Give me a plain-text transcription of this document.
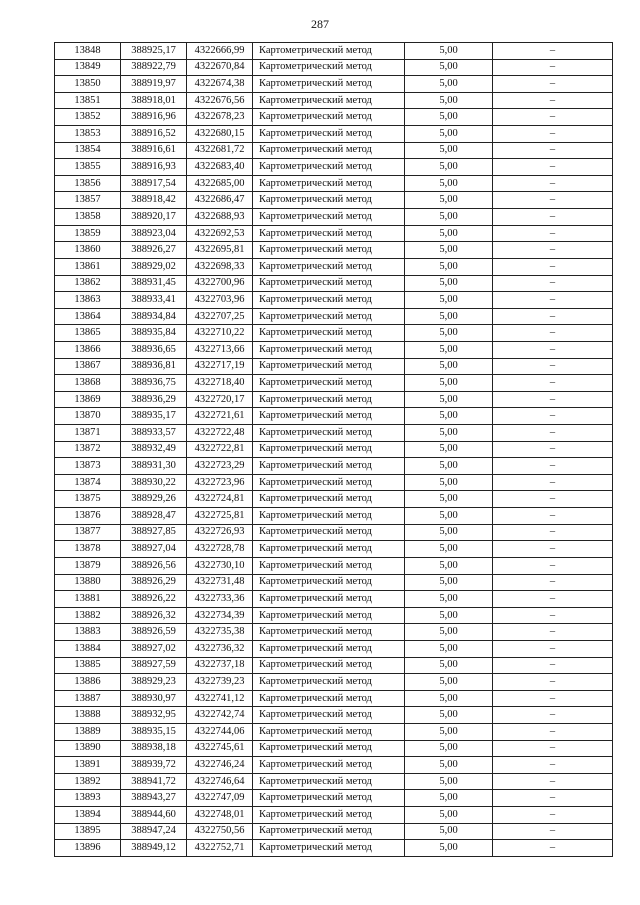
287
13848	388925,17	4322666,99	Картометрический метод	5,00	–
13849	388922,79	4322670,84	Картометрический метод	5,00	–
13850	388919,97	4322674,38	Картометрический метод	5,00	–
13851	388918,01	4322676,56	Картометрический метод	5,00	–
13852	388916,96	4322678,23	Картометрический метод	5,00	–
13853	388916,52	4322680,15	Картометрический метод	5,00	–
13854	388916,61	4322681,72	Картометрический метод	5,00	–
13855	388916,93	4322683,40	Картометрический метод	5,00	–
13856	388917,54	4322685,00	Картометрический метод	5,00	–
13857	388918,42	4322686,47	Картометрический метод	5,00	–
13858	388920,17	4322688,93	Картометрический метод	5,00	–
13859	388923,04	4322692,53	Картометрический метод	5,00	–
13860	388926,27	4322695,81	Картометрический метод	5,00	–
13861	388929,02	4322698,33	Картометрический метод	5,00	–
13862	388931,45	4322700,96	Картометрический метод	5,00	–
13863	388933,41	4322703,96	Картометрический метод	5,00	–
13864	388934,84	4322707,25	Картометрический метод	5,00	–
13865	388935,84	4322710,22	Картометрический метод	5,00	–
13866	388936,65	4322713,66	Картометрический метод	5,00	–
13867	388936,81	4322717,19	Картометрический метод	5,00	–
13868	388936,75	4322718,40	Картометрический метод	5,00	–
13869	388936,29	4322720,17	Картометрический метод	5,00	–
13870	388935,17	4322721,61	Картометрический метод	5,00	–
13871	388933,57	4322722,48	Картометрический метод	5,00	–
13872	388932,49	4322722,81	Картометрический метод	5,00	–
13873	388931,30	4322723,29	Картометрический метод	5,00	–
13874	388930,22	4322723,96	Картометрический метод	5,00	–
13875	388929,26	4322724,81	Картометрический метод	5,00	–
13876	388928,47	4322725,81	Картометрический метод	5,00	–
13877	388927,85	4322726,93	Картометрический метод	5,00	–
13878	388927,04	4322728,78	Картометрический метод	5,00	–
13879	388926,56	4322730,10	Картометрический метод	5,00	–
13880	388926,29	4322731,48	Картометрический метод	5,00	–
13881	388926,22	4322733,36	Картометрический метод	5,00	–
13882	388926,32	4322734,39	Картометрический метод	5,00	–
13883	388926,59	4322735,38	Картометрический метод	5,00	–
13884	388927,02	4322736,32	Картометрический метод	5,00	–
13885	388927,59	4322737,18	Картометрический метод	5,00	–
13886	388929,23	4322739,23	Картометрический метод	5,00	–
13887	388930,97	4322741,12	Картометрический метод	5,00	–
13888	388932,95	4322742,74	Картометрический метод	5,00	–
13889	388935,15	4322744,06	Картометрический метод	5,00	–
13890	388938,18	4322745,61	Картометрический метод	5,00	–
13891	388939,72	4322746,24	Картометрический метод	5,00	–
13892	388941,72	4322746,64	Картометрический метод	5,00	–
13893	388943,27	4322747,09	Картометрический метод	5,00	–
13894	388944,60	4322748,01	Картометрический метод	5,00	–
13895	388947,24	4322750,56	Картометрический метод	5,00	–
13896	388949,12	4322752,71	Картометрический метод	5,00	–
